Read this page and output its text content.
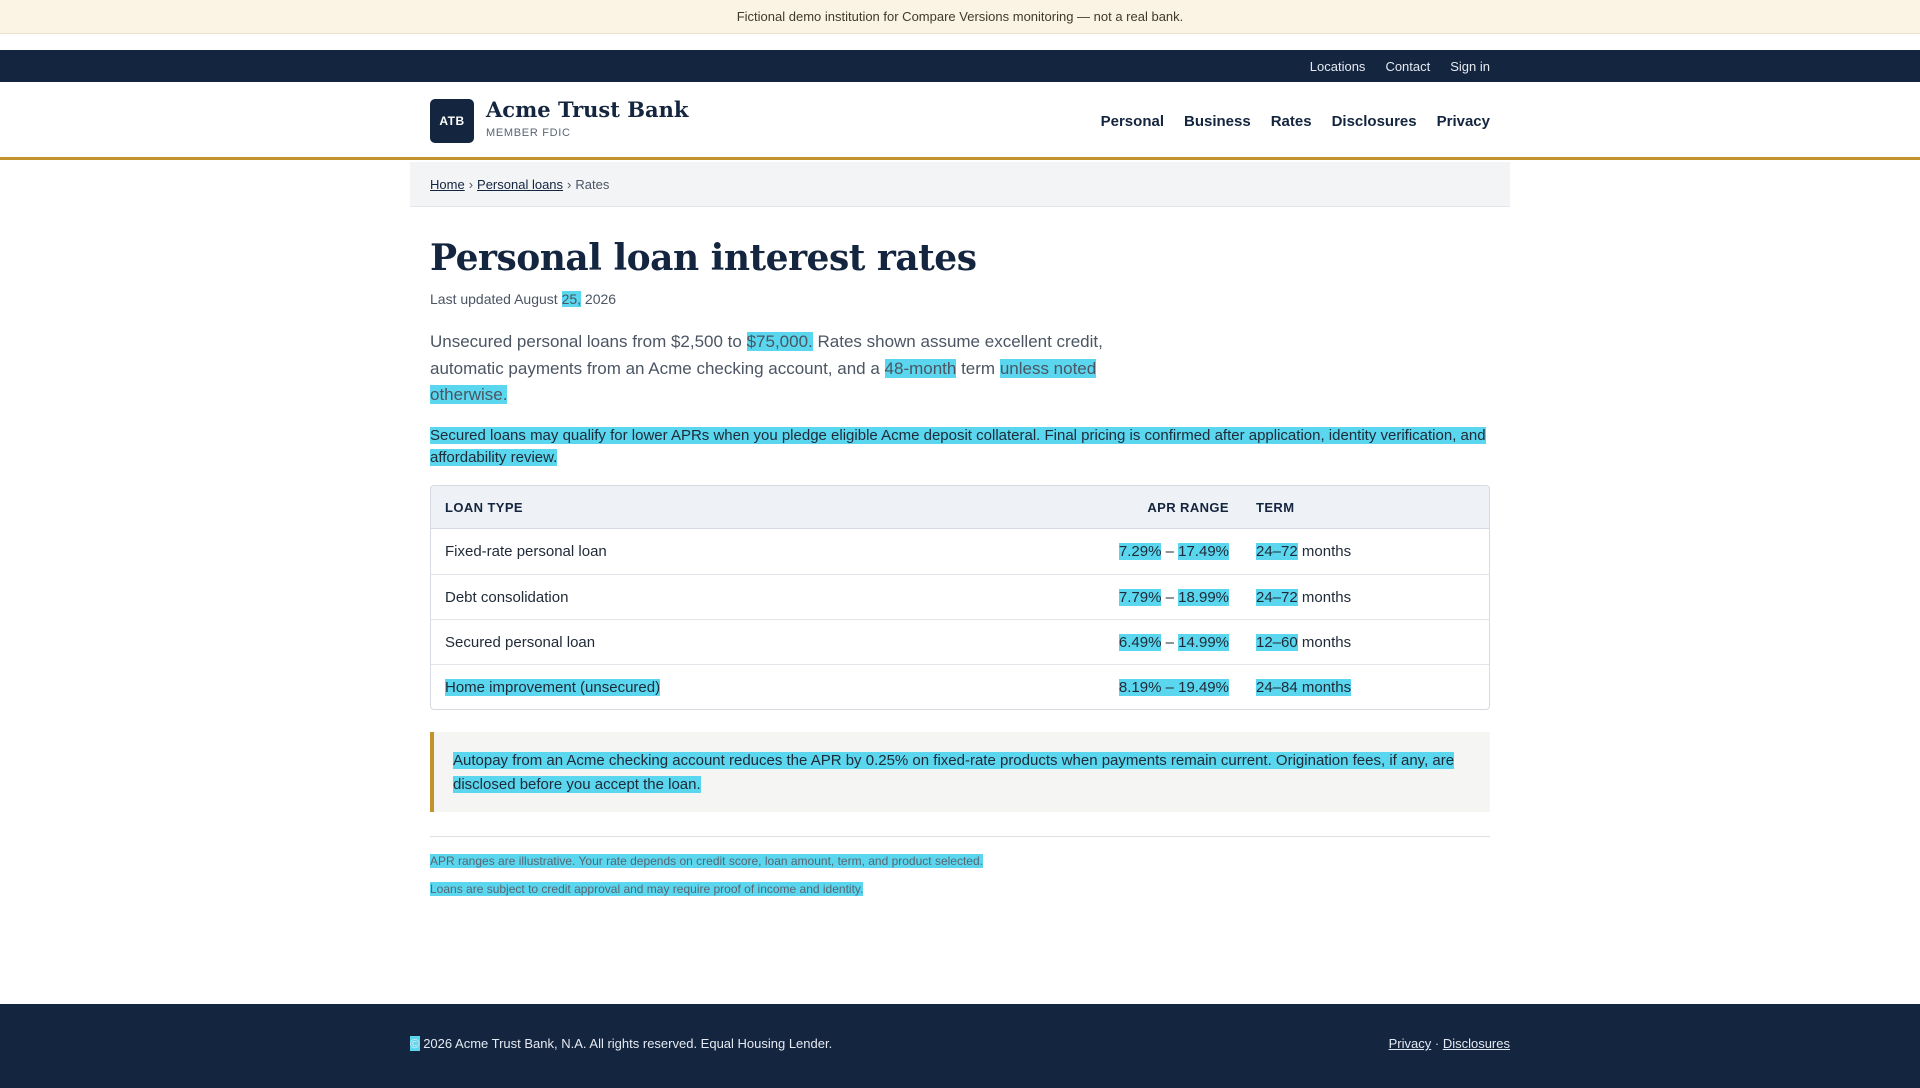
Fictional demo institution for Compare Versions monitoring — not a real bank.
Locations Contact Sign in
ATB	Acme Trust Bank
MEMBER FDIC
Personal Business Rates Disclosures Privacy
Home › Personal loans › Rates
Personal loan interest rates
Last updated August 25, 2026

Unsecured personal loans from $2,500 to $75,000. Rates shown assume excellent credit, automatic payments from an Acme checking account, and a 48-month term unless noted otherwise.

Secured loans may qualify for lower APRs when you pledge eligible Acme deposit collateral. Final pricing is confirmed after application, identity verification, and affordability review.

LOAN TYPE	APR RANGE	TERM
Fixed-rate personal loan	7.29% – 17.49%	24–72 months
Debt consolidation	7.79% – 18.99%	24–72 months
Secured personal loan	6.49% – 14.99%	12–60 months
Home improvement (unsecured)	8.19% – 19.49%	24–84 months
Autopay from an Acme checking account reduces the APR by 0.25% on fixed-rate products when payments remain current. Origination fees, if any, are disclosed before you accept the loan.

APR ranges are illustrative. Your rate depends on credit score, loan amount, term, and product selected.

Loans are subject to credit approval and may require proof of income and identity.

© 2026 Acme Trust Bank, N.A. All rights reserved. Equal Housing Lender.	Privacy · Disclosures
